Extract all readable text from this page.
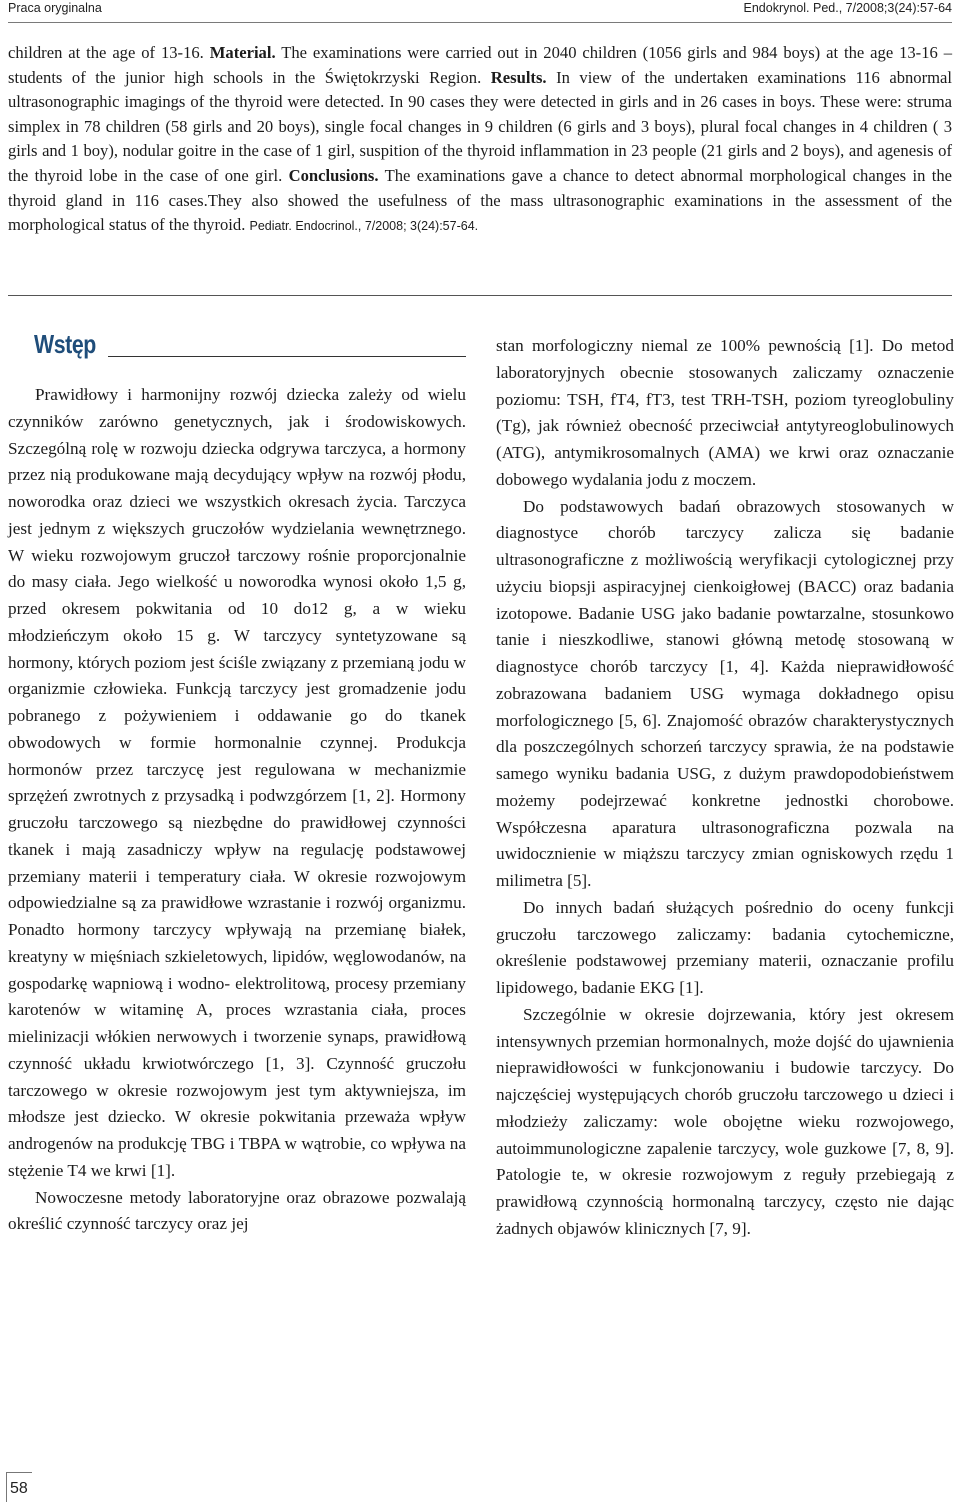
Praca oryginalna	Endokrynol. Ped., 7/2008;3(24):57-64
children at the age of 13-16. Material. The examinations were carried out in 2040 children (1056 girls and 984 boys) at the age 13-16 – students of the junior high schools in the Świętokrzyski Region. Results. In view of the undertaken examinations 116 abnormal ultrasonographic imagings of the thyroid were detected. In 90 cases they were detected in girls and in 26 cases in boys. These were: struma simplex in 78 children (58 girls and 20 boys), single focal changes in 9 children (6 girls and 3 boys), plural focal changes in 4 children ( 3 girls and 1 boy), nodular goitre in the case of 1 girl, suspition of the thyroid inflammation in 23 people (21 girls and 2 boys), and agenesis of the thyroid lobe in the case of one girl. Conclusions. The examinations gave a chance to detect abnormal morphological changes in the thyroid gland in 116 cases.They also showed the usefulness of the mass ultrasonographic examinations in the assessment of the morphological status of the thyroid. Pediatr. Endocrinol., 7/2008; 3(24):57-64.
Wstęp

Prawidłowy i harmonijny rozwój dziecka zależy od wielu czynników zarówno genetycznych, jak i środowiskowych. Szczególną rolę w rozwoju dziecka odgrywa tarczyca, a hormony przez nią produkowane mają decydujący wpływ na rozwój płodu, noworodka oraz dzieci we wszystkich okresach życia. Tarczyca jest jednym z większych gruczołów wydzielania wewnętrznego. W wieku rozwojowym gruczoł tarczowy rośnie proporcjonalnie do masy ciała. Jego wielkość u noworodka wynosi około 1,5 g, przed okresem pokwitania od 10 do12 g, a w wieku młodzieńczym około 15 g. W tarczycy syntetyzowane są hormony, których poziom jest ściśle związany z przemianą jodu w organizmie człowieka. Funkcją tarczycy jest gromadzenie jodu pobranego z pożywieniem i oddawanie go do tkanek obwodowych w formie hormonalnie czynnej. Produkcja hormonów przez tarczycę jest regulowana w mechanizmie sprzężeń zwrotnych z przysadką i podwzgórzem [1, 2]. Hormony gruczołu tarczowego są niezbędne do prawidłowej czynności tkanek i mają zasadniczy wpływ na regulację podstawowej przemiany materii i temperatury ciała. W okresie rozwojowym odpowiedzialne są za prawidłowe wzrastanie i rozwój organizmu. Ponadto hormony tarczycy wpływają na przemianę białek, kreatyny w mięśniach szkieletowych, lipidów, węglowodanów, na gospodarkę wapniową i wodno- elektrolitową, procesy przemiany karotenów w witaminę A, proces wzrastania ciała, proces mielinizacji włókien nerwowych i tworzenie synaps, prawidłową czynność układu krwiotwórczego [1, 3]. Czynność gruczołu tarczowego w okresie rozwojowym jest tym aktywniejsza, im młodsze jest dziecko. W okresie pokwitania przeważa wpływ androgenów na produkcję TBG i TBPA w wątrobie, co wpływa na stężenie T4 we krwi [1].

Nowoczesne metody laboratoryjne oraz obrazowe pozwalają określić czynność tarczycy oraz jej

stan morfologiczny niemal ze 100% pewnością [1]. Do metod laboratoryjnych obecnie stosowanych zaliczamy oznaczenie poziomu: TSH, fT4, fT3, test TRH-TSH, poziom tyreoglobuliny (Tg), jak również obecność przeciwciał antytyreoglobulinowych (ATG), antymikrosomalnych (AMA) we krwi oraz oznaczanie dobowego wydalania jodu z moczem.

Do podstawowych badań obrazowych stosowanych w diagnostyce chorób tarczycy zalicza się badanie ultrasonograficzne z możliwością weryfikacji cytologicznej przy użyciu biopsji aspiracyjnej cienkoigłowej (BACC) oraz badania izotopowe. Badanie USG jako badanie powtarzalne, stosunkowo tanie i nieszkodliwe, stanowi główną metodę stosowaną w diagnostyce chorób tarczycy [1, 4]. Każda nieprawidłowość zobrazowana badaniem USG wymaga dokładnego opisu morfologicznego [5, 6]. Znajomość obrazów charakterystycznych dla poszczególnych schorzeń tarczycy sprawia, że na podstawie samego wyniku badania USG, z dużym prawdopodobieństwem możemy podejrzewać konkretne jednostki chorobowe. Współczesna aparatura ultrasonograficzna pozwala na uwidocznienie w miąższu tarczycy zmian ogniskowych rzędu 1 milimetra [5].

Do innych badań służących pośrednio do oceny funkcji gruczołu tarczowego zaliczamy: badania cytochemiczne, określenie podstawowej przemiany materii, oznaczanie profilu lipidowego, badanie EKG [1].

Szczególnie w okresie dojrzewania, który jest okresem intensywnych przemian hormonalnych, może dojść do ujawnienia nieprawidłowości w funkcjonowaniu i budowie tarczycy. Do najczęściej występujących chorób gruczołu tarczowego u dzieci i młodzieży zaliczamy: wole obojętne wieku rozwojowego, autoimmunologiczne zapalenie tarczycy, wole guzkowe [7, 8, 9]. Patologie te, w okresie rozwojowym z reguły przebiegają z prawidłową czynnością hormonalną tarczycy, często nie dając żadnych objawów klinicznych [7, 9].

58
